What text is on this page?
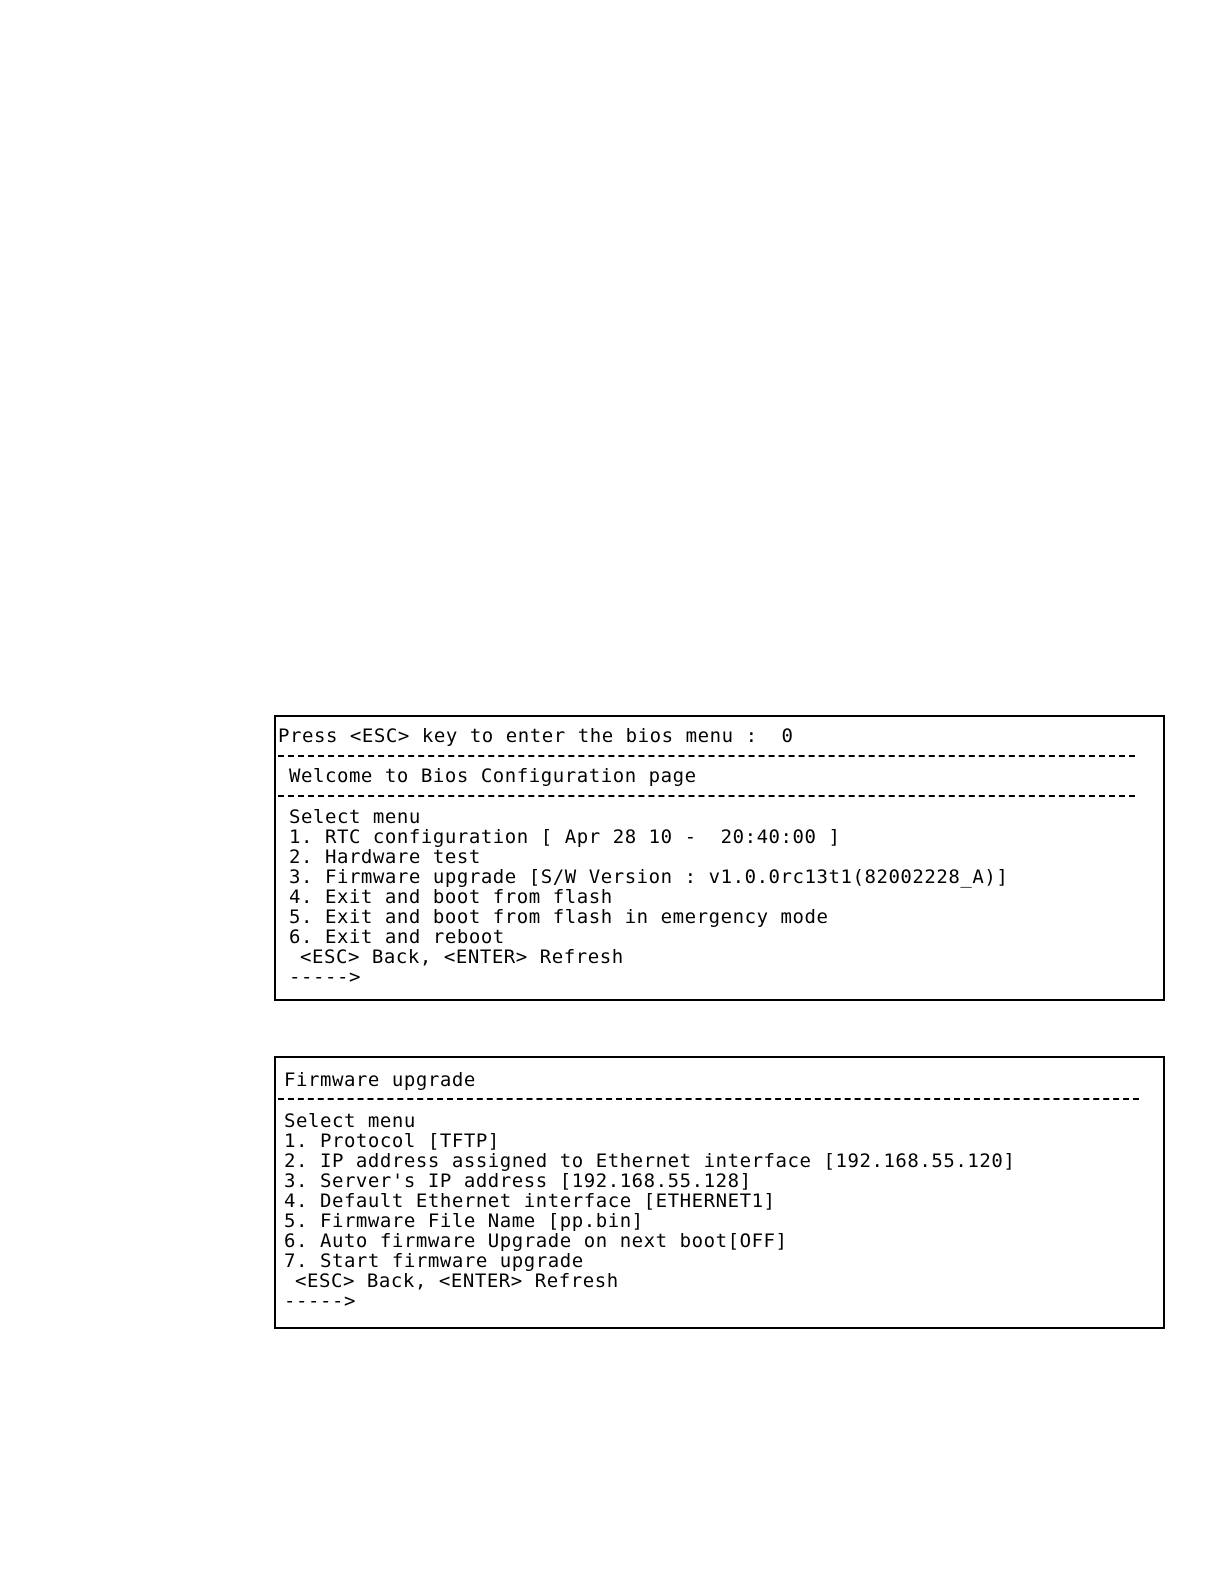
Press <ESC> key to enter the bios menu :  0
Welcome to Bios Configuration page
Select menu
1. RTC configuration [ Apr 28 10 -  20:40:00 ]
2. Hardware test
3. Firmware upgrade [S/W Version : v1.0.0rc13t1(82002228_A)]
4. Exit and boot from flash
5. Exit and boot from flash in emergency mode
6. Exit and reboot
<ESC> Back, <ENTER> Refresh
----->
Firmware upgrade
Select menu
1. Protocol [TFTP]
2. IP address assigned to Ethernet interface [192.168.55.120]
3. Server's IP address [192.168.55.128]
4. Default Ethernet interface [ETHERNET1]
5. Firmware File Name [pp.bin]
6. Auto firmware Upgrade on next boot[OFF]
7. Start firmware upgrade
<ESC> Back, <ENTER> Refresh
----->
